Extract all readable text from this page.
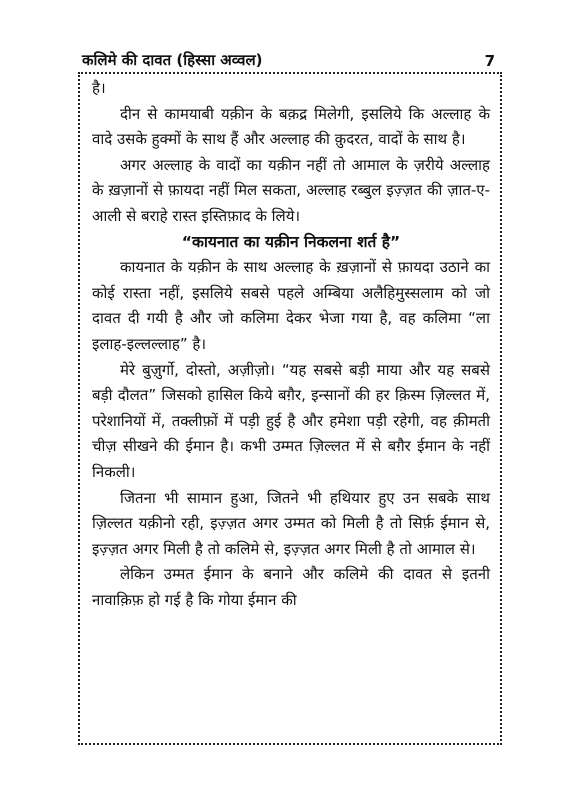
कलिमे की दावत (हिस्सा अव्वल)	7

है।

दीन से कामयाबी यक़ीन के बक़द्र मिलेगी, इसलिये कि अल्लाह के वादे उसके हुक्मों के साथ हैं और अल्लाह की क़ुदरत, वादों के साथ है।

अगर अल्लाह के वादों का यक़ीन नहीं तो आमाल के ज़रीये अल्लाह के ख़ज़ानों से फ़ायदा नहीं मिल सकता, अल्लाह रब्बुल इज़्ज़त की ज़ात-ए-आली से बराहे रास्त इस्तिफ़ाद के लिये।

“कायनात का यक़ीन निकलना शर्त है”

कायनात के यक़ीन के साथ अल्लाह के ख़ज़ानों से फ़ायदा उठाने का कोई रास्ता नहीं, इसलिये सबसे पहले अम्बिया अलैहिमुस्सलाम को जो दावत दी गयी है और जो कलिमा देकर भेजा गया है, वह कलिमा “ला इलाह-इल्लल्लाह” है।

मेरे बुज़ुर्गो, दोस्तो, अज़ीज़ो। “यह सबसे बड़ी माया और यह सबसे बड़ी दौलत” जिसको हासिल किये बग़ैर, इन्सानों की हर क़िस्म ज़िल्लत में, परेशानियों में, तक्लीफ़ों में पड़ी हुई है और हमेशा पड़ी रहेगी, वह क़ीमती चीज़ सीखने की ईमान है। कभी उम्मत ज़िल्लत में से बग़ैर ईमान के नहीं निकली।

जितना भी सामान हुआ, जितने भी हथियार हुए उन सबके साथ ज़िल्लत यक़ीनो रही, इज़्ज़त अगर उम्मत को मिली है तो सिर्फ़ ईमान से, इज़्ज़त अगर मिली है तो कलिमे से, इज़्ज़त अगर मिली है तो आमाल से।

लेकिन उम्मत ईमान के बनाने और कलिमे की दावत से इतनी नावाक़िफ़ हो गई है कि गोया ईमान की
